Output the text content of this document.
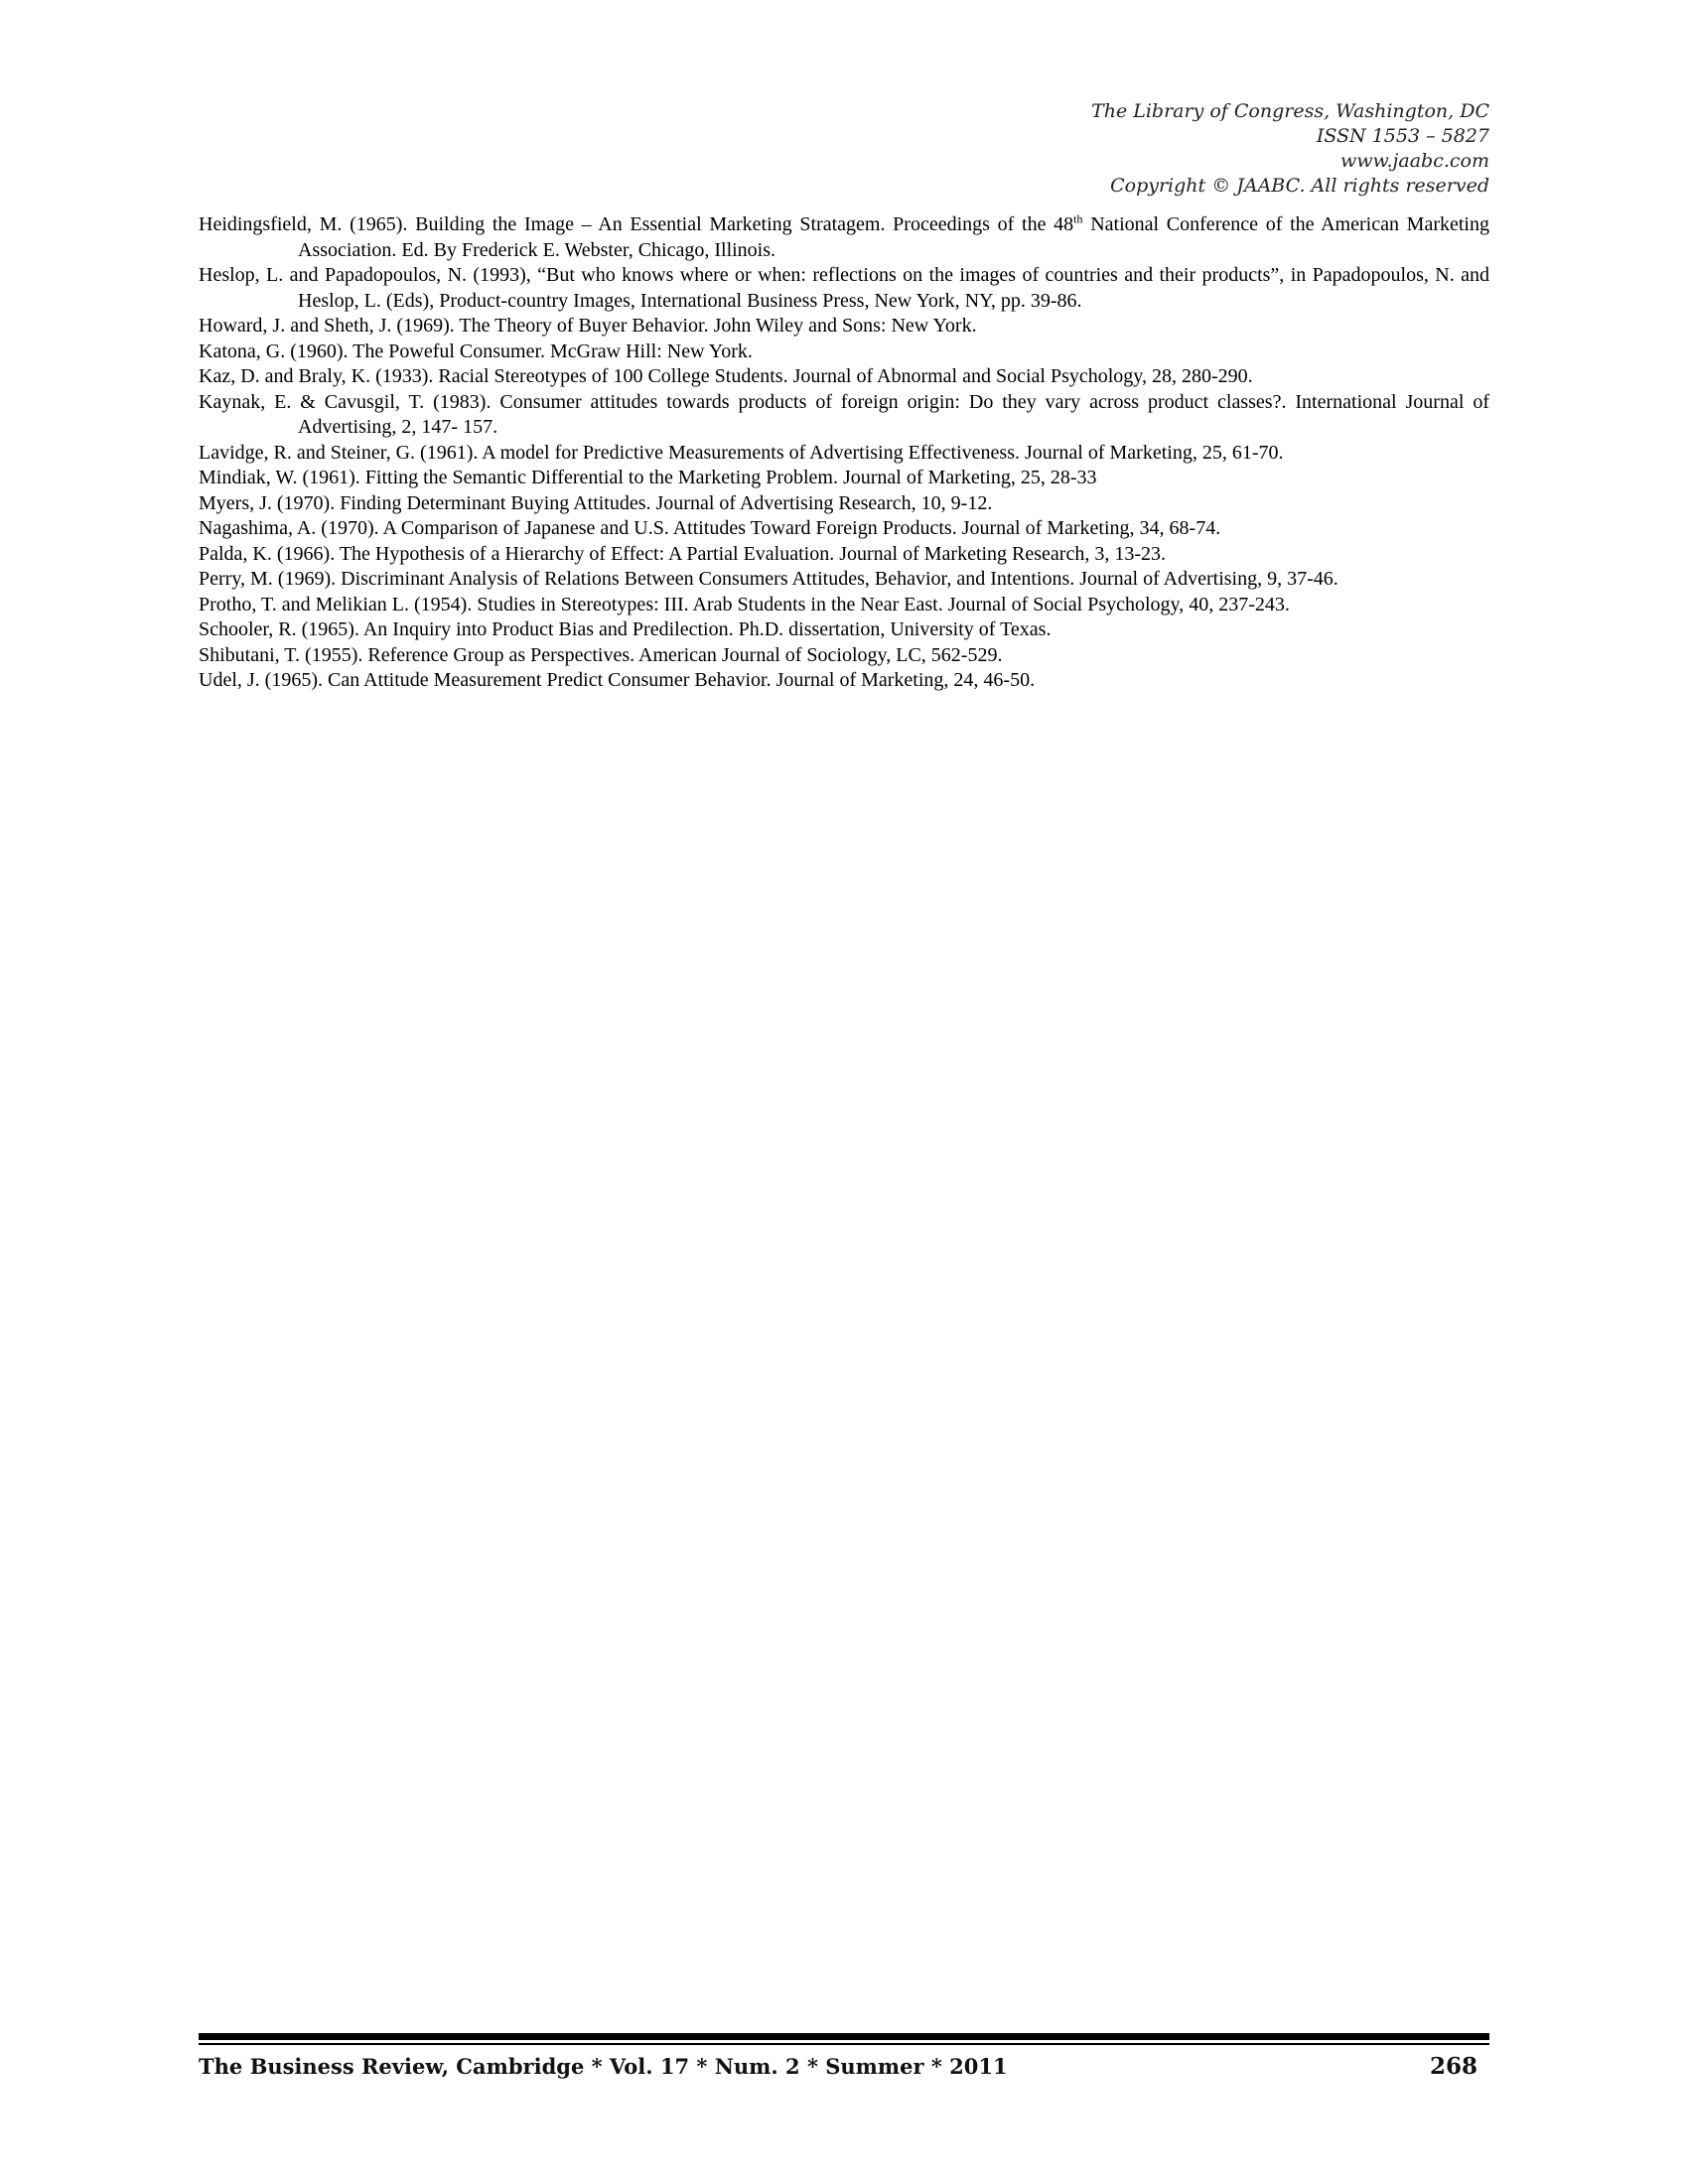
The Library of Congress, Washington, DC
ISSN 1553 – 5827
www.jaabc.com
Copyright © JAABC. All rights reserved

Heidingsfield, M. (1965). Building the Image – An Essential Marketing Stratagem. Proceedings of the 48th National Conference of the American Marketing Association. Ed. By Frederick E. Webster, Chicago, Illinois.

Heslop, L. and Papadopoulos, N. (1993), “But who knows where or when: reflections on the images of countries and their products”, in Papadopoulos, N. and Heslop, L. (Eds), Product-country Images, International Business Press, New York, NY, pp. 39-86.

Howard, J. and Sheth, J. (1969). The Theory of Buyer Behavior. John Wiley and Sons: New York.

Katona, G. (1960). The Poweful Consumer. McGraw Hill: New York.

Kaz, D. and Braly, K. (1933). Racial Stereotypes of 100 College Students. Journal of Abnormal and Social Psychology, 28, 280-290.

Kaynak, E. & Cavusgil, T. (1983). Consumer attitudes towards products of foreign origin: Do they vary across product classes?. International Journal of Advertising, 2, 147- 157.

Lavidge, R. and Steiner, G. (1961). A model for Predictive Measurements of Advertising Effectiveness. Journal of Marketing, 25, 61-70.

Mindiak, W. (1961). Fitting the Semantic Differential to the Marketing Problem. Journal of Marketing, 25, 28-33

Myers, J. (1970). Finding Determinant Buying Attitudes. Journal of Advertising Research, 10, 9-12.

Nagashima, A. (1970). A Comparison of Japanese and U.S. Attitudes Toward Foreign Products. Journal of Marketing, 34, 68-74.

Palda, K. (1966). The Hypothesis of a Hierarchy of Effect: A Partial Evaluation. Journal of Marketing Research, 3, 13-23.

Perry, M. (1969). Discriminant Analysis of Relations Between Consumers Attitudes, Behavior, and Intentions. Journal of Advertising, 9, 37-46.

Protho, T. and Melikian L. (1954). Studies in Stereotypes: III. Arab Students in the Near East. Journal of Social Psychology, 40, 237-243.

Schooler, R. (1965). An Inquiry into Product Bias and Predilection. Ph.D. dissertation, University of Texas.

Shibutani, T. (1955). Reference Group as Perspectives. American Journal of Sociology, LC, 562-529.

Udel, J. (1965). Can Attitude Measurement Predict Consumer Behavior. Journal of Marketing, 24, 46-50.

The Business Review, Cambridge * Vol. 17 * Num. 2 * Summer * 2011	268
